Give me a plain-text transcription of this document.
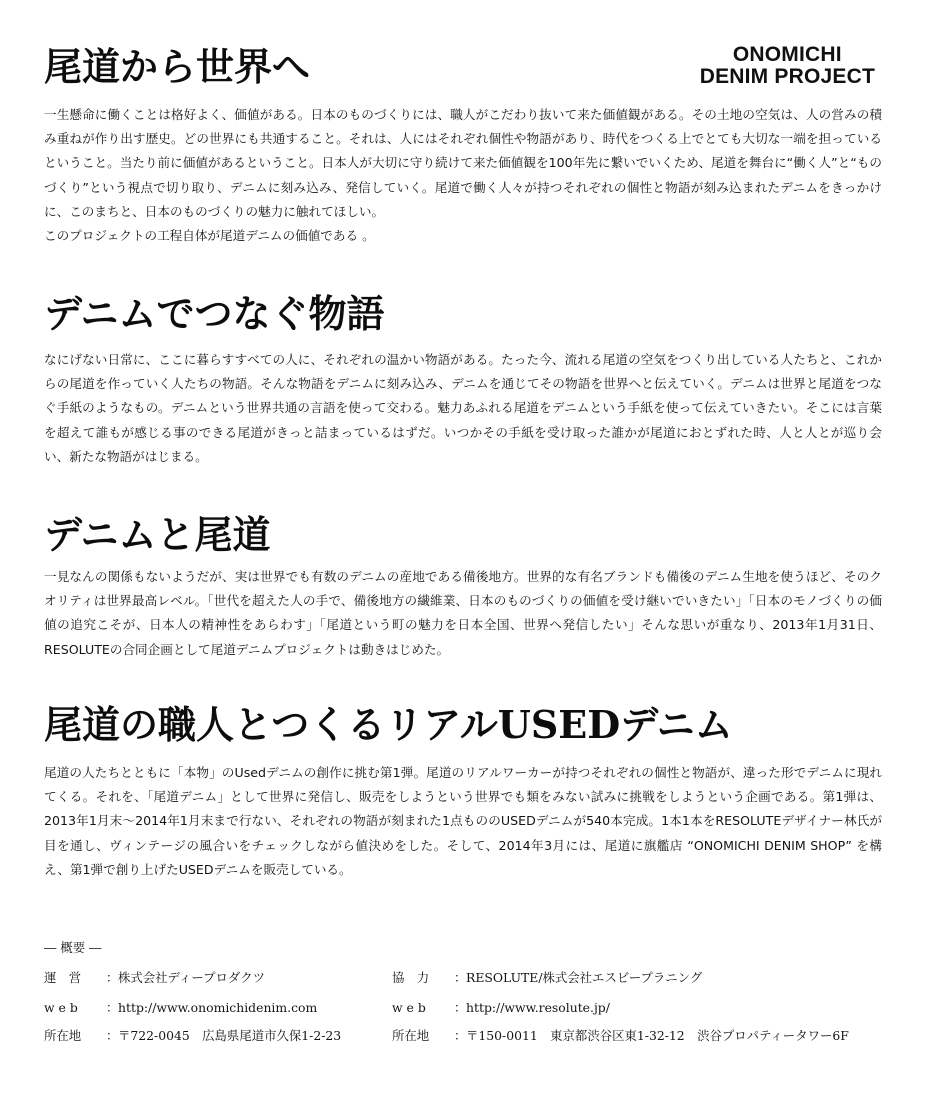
ONOMICHI
DENIM PROJECT
尾道から世界へ

一生懸命に働くことは格好よく、価値がある。日本のものづくりには、職人がこだわり抜いて来た価値観がある。その土地の空気は、人の営みの積み重ねが作り出す歴史。どの世界にも共通すること。それは、人にはそれぞれ個性や物語があり、時代をつくる上でとても大切な一端を担っているということ。当たり前に価値があるということ。日本人が大切に守り続けて来た価値観を100年先に繋いでいくため、尾道を舞台に“働く人”と“ものづくり”という視点で切り取り、デニムに刻み込み、発信していく。尾道で働く人々が持つそれぞれの個性と物語が刻み込まれたデニムをきっかけに、このまちと、日本のものづくりの魅力に触れてほしい。
このプロジェクトの工程自体が尾道デニムの価値である 。

デニムでつなぐ物語

なにげない日常に、ここに暮らすすべての人に、それぞれの温かい物語がある。たった今、流れる尾道の空気をつくり出している人たちと、これからの尾道を作っていく人たちの物語。そんな物語をデニムに刻み込み、デニムを通じてその物語を世界へと伝えていく。デニムは世界と尾道をつなぐ手紙のようなもの。デニムという世界共通の言語を使って交わる。魅力あふれる尾道をデニムという手紙を使って伝えていきたい。そこには言葉を超えて誰もが感じる事のできる尾道がきっと詰まっているはずだ。いつかその手紙を受け取った誰かが尾道におとずれた時、人と人とが巡り会い、新たな物語がはじまる。

デニムと尾道

一見なんの関係もないようだが、実は世界でも有数のデニムの産地である備後地方。世界的な有名ブランドも備後のデニム生地を使うほど、そのクオリティは世界最高レベル。「世代を超えた人の手で、備後地方の繊維業、日本のものづくりの価値を受け継いでいきたい」「日本のモノづくりの価値の追究こそが、日本人の精神性をあらわす」「尾道という町の魅力を日本全国、世界へ発信したい」そんな思いが重なり、2013年1月31日、RESOLUTEの合同企画として尾道デニムプロジェクトは動きはじめた。

尾道の職人とつくるリアルUSEDデニム

尾道の人たちとともに「本物」のUsedデニムの創作に挑む第1弾。尾道のリアルワーカーが持つそれぞれの個性と物語が、違った形でデニムに現れてくる。それを、「尾道デニム」として世界に発信し、販売をしようという世界でも類をみない試みに挑戦をしようという企画である。第1弾は、2013年1月末～2014年1月末まで行ない、それぞれの物語が刻まれた1点もののUSEDデニムが540本完成。1本1本をRESOLUTEデザイナー林氏が目を通し、ヴィンテージの風合いをチェックしながら値決めをした。そして、2014年3月には、尾道に旗艦店 “ONOMICHI DENIM SHOP” を構え、第1弾で創り上げたUSEDデニムを販売している。

― 概要 ―
運　営 ：株式会社ディープロダクツ	協　力 ：RESOLUTE/株式会社エスビープラニング
w e b ：http://www.onomichidenim.com	w e b ：http://www.resolute.jp/
所在地 ：〒722-0045　広島県尾道市久保1-2-23	所在地 ：〒150-0011　東京都渋谷区東1-32-12　渋谷プロパティータワー6F
